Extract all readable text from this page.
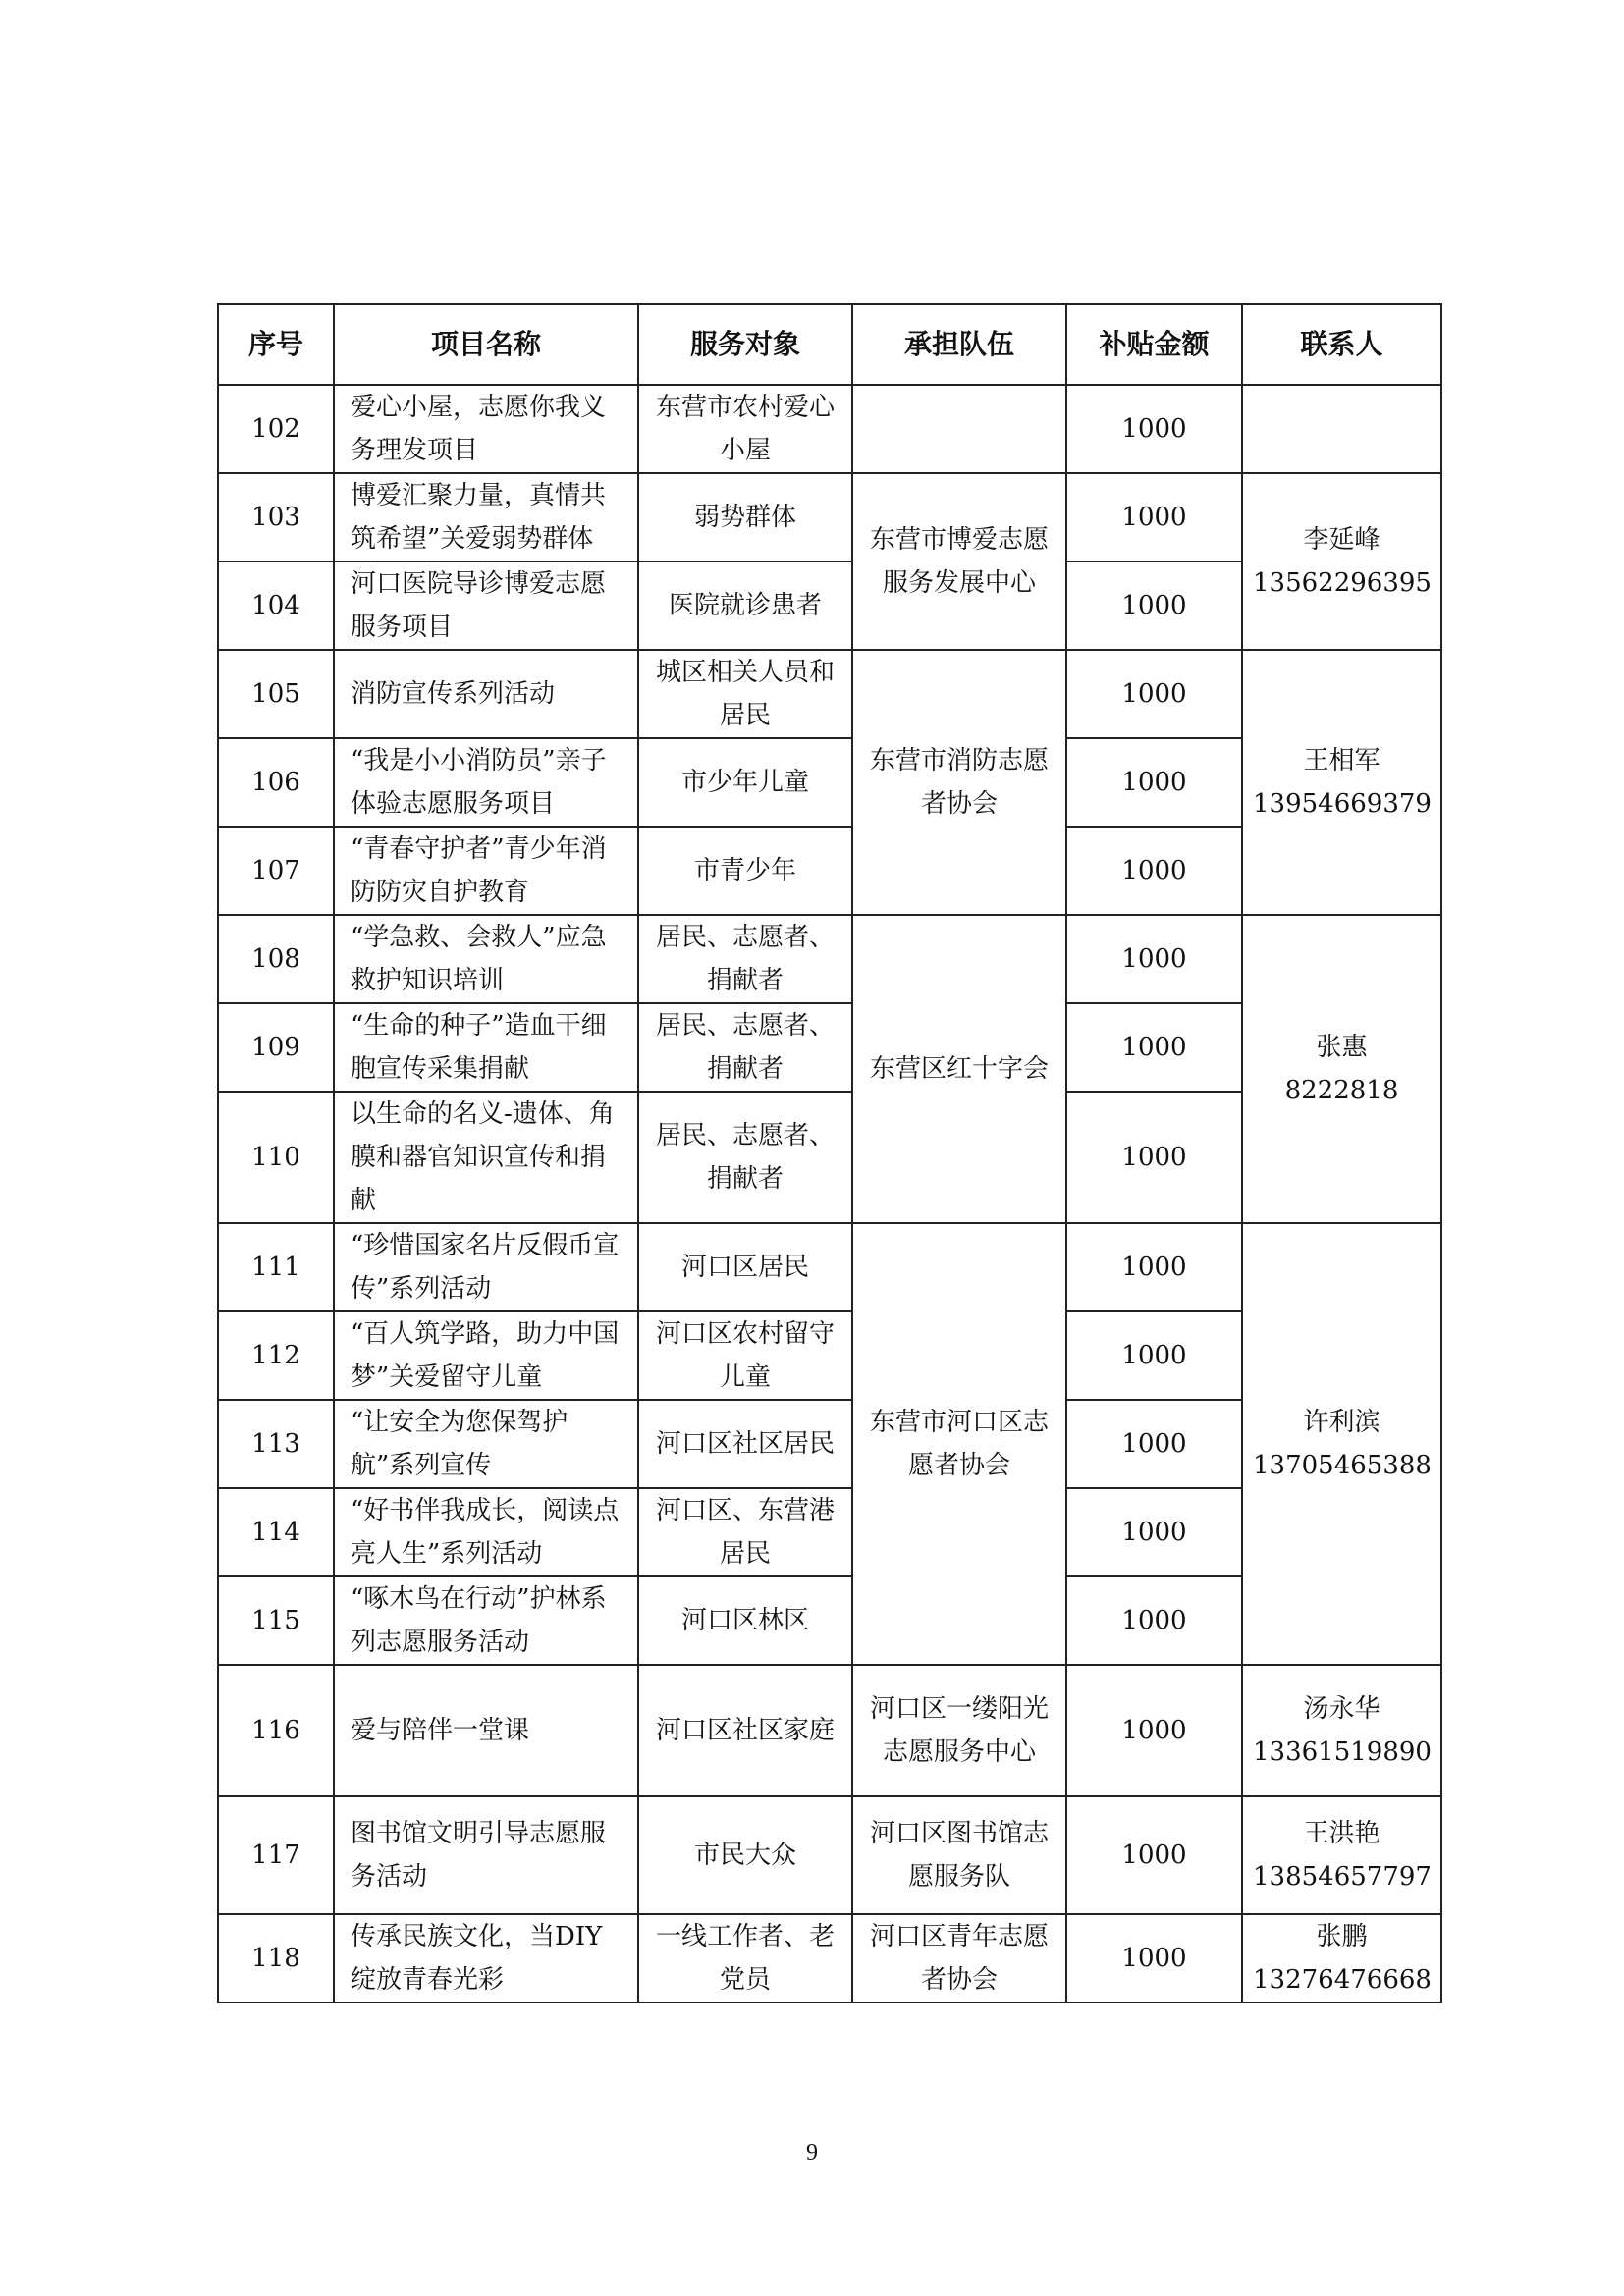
序号	项目名称	服务对象	承担队伍	补贴金额	联系人
102	爱心小屋，志愿你我义务理发项目	东营市农村爱心小屋		1000	

103	博爱汇聚力量，真情共筑希望”关爱弱势群体	弱势群体	东营市博爱志愿服务发展中心	1000	李延峰
13562296395

104	河口医院导诊博爱志愿服务项目	医院就诊患者		1000	
105	消防宣传系列活动	城区相关人员和居民	东营市消防志愿者协会	1000	王相军
13954669379

106	“我是小小消防员”亲子体验志愿服务项目	市少年儿童		1000	
107	“青春守护者”青少年消防防灾自护教育	市青少年		1000	
108	“学急救、会救人”应急救护知识培训	居民、志愿者、捐献者	东营区红十字会	1000	张惠
8222818

109	“生命的种子”造血干细胞宣传采集捐献	居民、志愿者、捐献者		1000	
110	以生命的名义-遗体、角膜和器官知识宣传和捐献	居民、志愿者、捐献者		1000	
111	“珍惜国家名片反假币宣传”系列活动	河口区居民	东营市河口区志愿者协会	1000	许利滨
13705465388

112	“百人筑学路，助力中国梦”关爱留守儿童	河口区农村留守儿童		1000	
113	“让安全为您保驾护航”系列宣传	河口区社区居民		1000	
114	“好书伴我成长，阅读点亮人生”系列活动	河口区、东营港居民		1000	
115	“啄木鸟在行动”护林系列志愿服务活动	河口区林区		1000	
116	爱与陪伴一堂课	河口区社区家庭	河口区一缕阳光志愿服务中心	1000	汤永华
13361519890

117	图书馆文明引导志愿服务活动	市民大众	河口区图书馆志愿服务队	1000	王洪艳
13854657797

118	传承民族文化，当DIY绽放青春光彩	一线工作者、老党员	河口区青年志愿者协会	1000	张鹏
13276476668
9
